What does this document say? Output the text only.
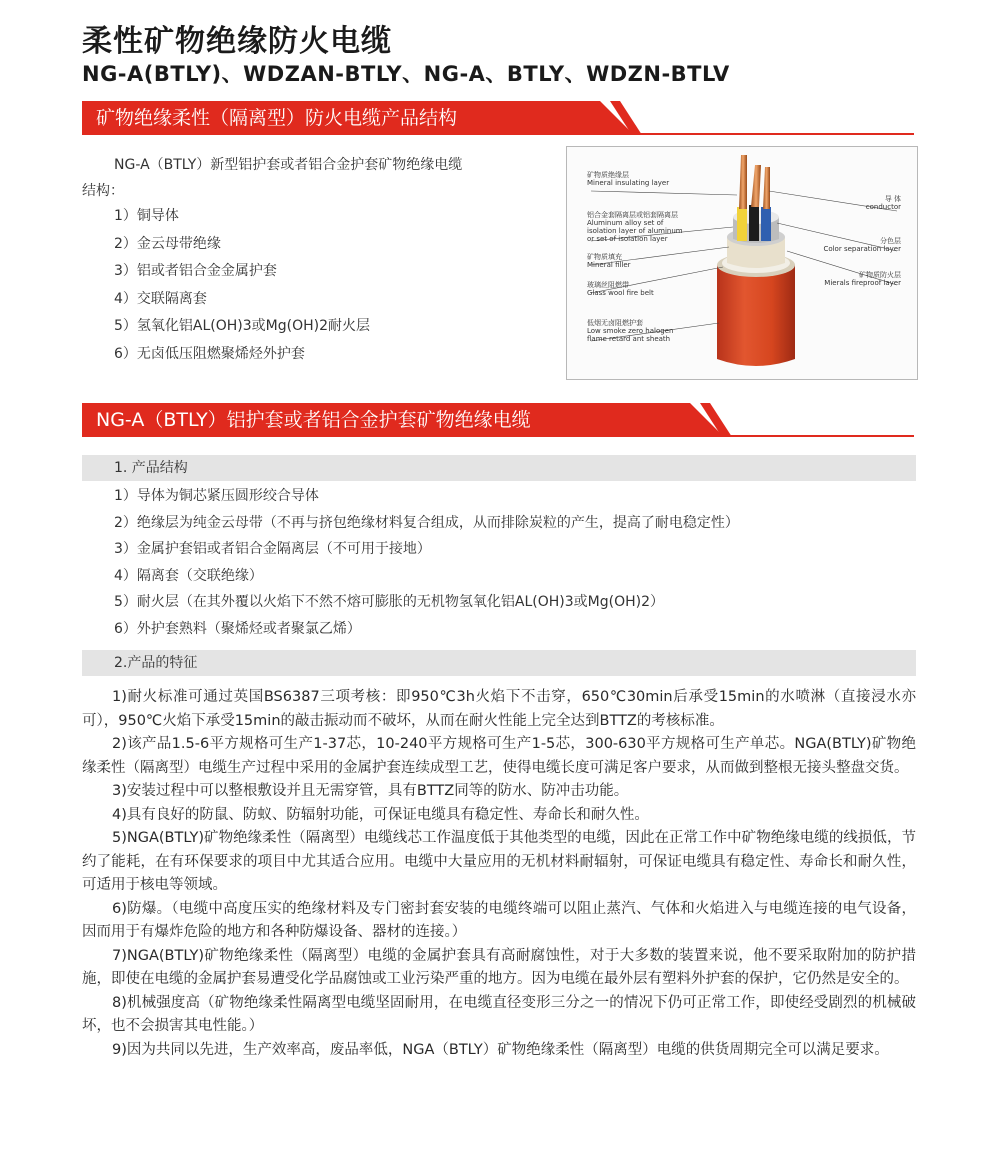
柔性矿物绝缘防火电缆
NG-A(BTLY)、WDZAN-BTLY、NG-A、BTLY、WDZN-BTLV
矿物绝缘柔性（隔离型）防火电缆产品结构
NG-A（BTLY）新型铝护套或者铝合金护套矿物绝缘电缆
结构：
1）铜导体
2）金云母带绝缘
3）铝或者铝合金金属护套
4）交联隔离套
5）氢氧化铝AL(OH)3或Mg(OH)2耐火层
6）无卤低压阻燃聚烯烃外护套
矿物质绝缘层
Mineral insulating layer
铝合金套隔离层或铝套隔离层
Aluminum alloy set of
isolation layer of aluminum
or set of isolation layer
矿物质填充
Mineral filler
玻璃丝阻燃带
Glass wool fire belt
低烟无卤阻燃护套
Low smoke zero halogen
flame retard ant sheath
导 体
conductor
分色层
Color separation layer
矿物质防火层
Mierals fireproof layer
NG-A（BTLY）铝护套或者铝合金护套矿物绝缘电缆
1. 产品结构
1）导体为铜芯紧压圆形绞合导体
2）绝缘层为纯金云母带（不再与挤包绝缘材料复合组成，从而排除炭粒的产生，提高了耐电稳定性）
3）金属护套铝或者铝合金隔离层（不可用于接地）
4）隔离套（交联绝缘）
5）耐火层（在其外覆以火焰下不然不熔可膨胀的无机物氢氧化铝AL(OH)3或Mg(OH)2）
6）外护套熟料（聚烯烃或者聚氯乙烯）
2.产品的特征

1)耐火标准可通过英国BS6387三项考核：即950℃3h火焰下不击穿，650℃30min后承受15min的水喷淋（直接浸水亦可），950℃火焰下承受15min的敲击振动而不破坏，从而在耐火性能上完全达到BTTZ的考核标准。

2)该产品1.5-6平方规格可生产1-37芯，10-240平方规格可生产1-5芯，300-630平方规格可生产单芯。NGA(BTLY)矿物绝缘柔性（隔离型）电缆生产过程中采用的金属护套连续成型工艺，使得电缆长度可满足客户要求，从而做到整根无接头整盘交货。

3)安装过程中可以整根敷设并且无需穿管，具有BTTZ同等的防水、防冲击功能。

4)具有良好的防鼠、防蚁、防辐射功能，可保证电缆具有稳定性、寿命长和耐久性。

5)NGA(BTLY)矿物绝缘柔性（隔离型）电缆线芯工作温度低于其他类型的电缆，因此在正常工作中矿物绝缘电缆的线损低，节约了能耗，在有环保要求的项目中尤其适合应用。电缆中大量应用的无机材料耐辐射，可保证电缆具有稳定性、寿命长和耐久性，可适用于核电等领域。

6)防爆。（电缆中高度压实的绝缘材料及专门密封套安装的电缆终端可以阻止蒸汽、气体和火焰进入与电缆连接的电气设备，因而用于有爆炸危险的地方和各种防爆设备、器材的连接。）

7)NGA(BTLY)矿物绝缘柔性（隔离型）电缆的金属护套具有高耐腐蚀性，对于大多数的装置来说，他不要采取附加的防护措施，即使在电缆的金属护套易遭受化学品腐蚀或工业污染严重的地方。因为电缆在最外层有塑料外护套的保护，它仍然是安全的。

8)机械强度高（矿物绝缘柔性隔离型电缆坚固耐用，在电缆直径变形三分之一的情况下仍可正常工作，即使经受剧烈的机械破坏，也不会损害其电性能。）

9)因为共同以先进，生产效率高，废品率低，NGA（BTLY）矿物绝缘柔性（隔离型）电缆的供货周期完全可以满足要求。
